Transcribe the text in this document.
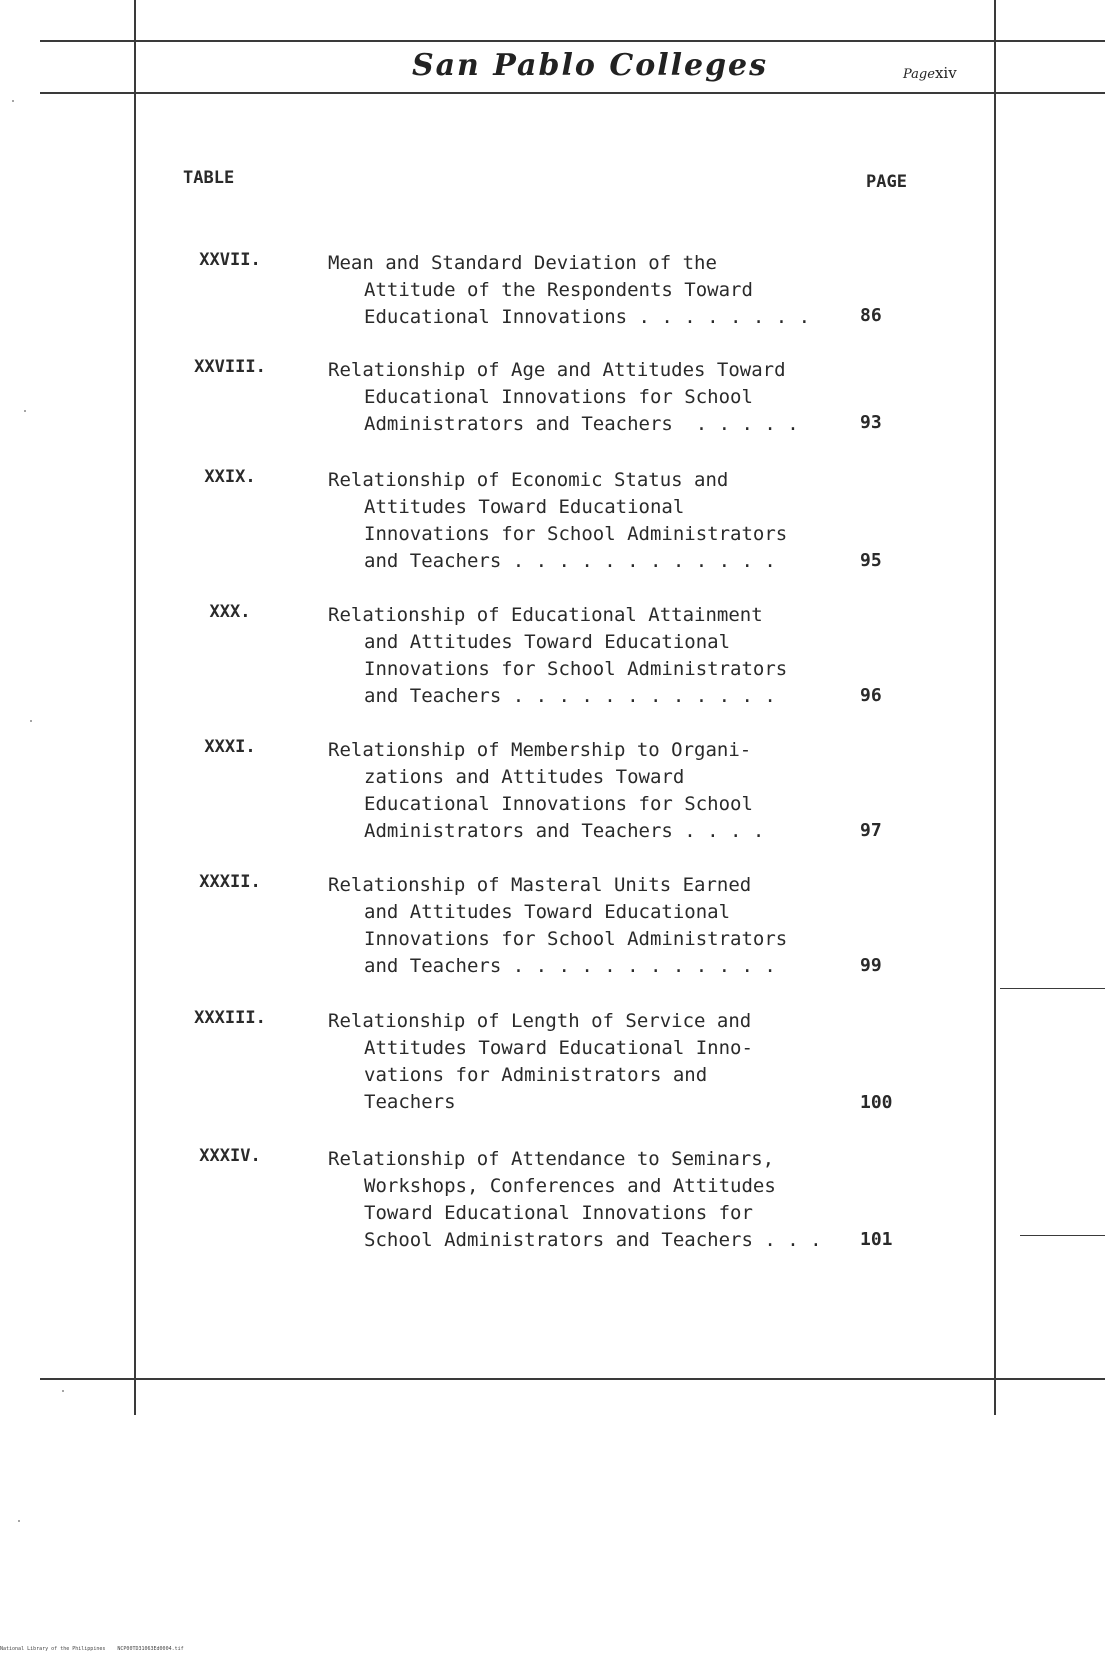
San Pablo Colleges	Pagexiv
TABLE	PAGE
XXVII.	Mean and Standard Deviation of the
Attitude of the Respondents Toward
Educational Innovations . . . . . . . .	86
XXVIII.	Relationship of Age and Attitudes Toward
Educational Innovations for School
Administrators and Teachers  . . . . .	93
XXIX.	Relationship of Economic Status and
Attitudes Toward Educational
Innovations for School Administrators
and Teachers . . . . . . . . . . . .	95
XXX.	Relationship of Educational Attainment
and Attitudes Toward Educational
Innovations for School Administrators
and Teachers . . . . . . . . . . . .	96
XXXI.	Relationship of Membership to Organi-
zations and Attitudes Toward
Educational Innovations for School
Administrators and Teachers . . . .	97
XXXII.	Relationship of Masteral Units Earned
and Attitudes Toward Educational
Innovations for School Administrators
and Teachers . . . . . . . . . . . .	99
XXXIII.	Relationship of Length of Service and
Attitudes Toward Educational Inno-
vations for Administrators and
Teachers	100
XXXIV.	Relationship of Attendance to Seminars,
Workshops, Conferences and Attitudes
Toward Educational Innovations for
School Administrators and Teachers . . .	101
National Library of the Philippines    NCP00TD31063Ed0004.tif
